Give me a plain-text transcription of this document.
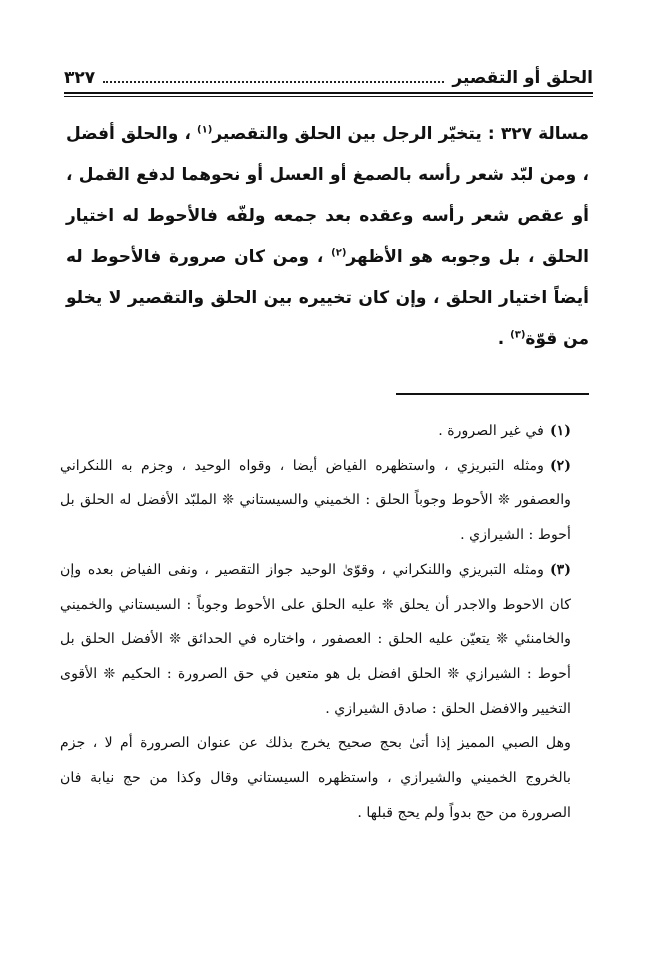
الحلق أو التقصير
٣٢٧

مسالة ٣٢٧ : يتخيّر الرجل بين الحلق والتقصير$^{(١)}$ ، والحلق أفضل ، ومن لبّد شعر رأسه بالصمغ أو العسل أو نحوهما لدفع القمل ، أو عقص شعر رأسه وعقده بعد جمعه ولفّه فالأحوط له اختيار الحلق ، بل وجوبه هو الأظهر$^{(٢)}$ ، ومن كان صرورة فالأحوط له أيضاً اختيار الحلق ، وإن كان تخييره بين الحلق والتقصير لا يخلو من قوّة$^{(٣)}$ .

(١)في غير الصرورة .

(٢)ومثله التبريزي ، واستظهره الفياض أيضا ، وقواه الوحيد ، وجزم به اللنكراني والعصفور ❊ الأحوط وجوباً الحلق : الخميني والسيستاني ❊ الملبّد الأفضل له الحلق بل أحوط : الشيرازي .

(٣)ومثله التبريزي واللنكراني ، وقوّىٰ الوحيد جواز التقصير ، ونفى الفياض بعده وإن كان الاحوط والاجدر أن يحلق ❊ عليه الحلق على الأحوط وجوباً : السيستاني والخميني والخامنئي ❊ يتعيّن عليه الحلق : العصفور ، واختاره في الحدائق ❊ الأفضل الحلق بل أحوط : الشيرازي ❊ الحلق افضل بل هو متعين في حق الصرورة : الحكيم ❊ الأقوى التخيير والافضل الحلق : صادق الشيرازي .

وهل الصبي المميز إذا أتىٰ بحج صحيح يخرج بذلك عن عنوان الصرورة أم لا ، جزم بالخروج الخميني والشيرازي ، واستظهره السيستاني وقال وكذا من حج نيابة فان الصرورة من حج بدواً ولم يحج قبلها .
